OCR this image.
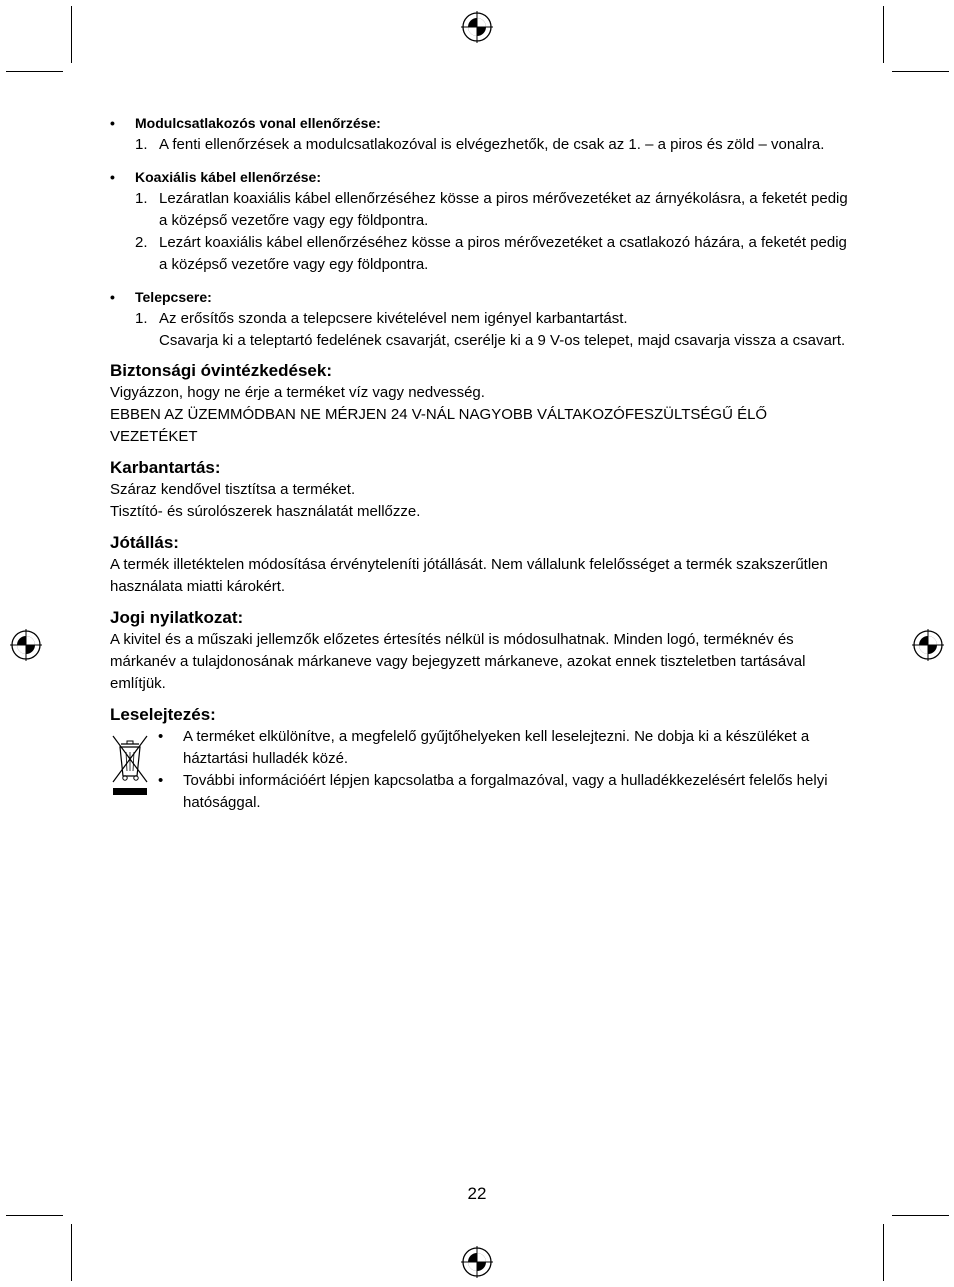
• Modulcsatlakozós vonal ellenőrzése:
1. A fenti ellenőrzések a modulcsatlakozóval is elvégezhetők, de csak az 1. – a piros és zöld – vonalra.
• Koaxiális kábel ellenőrzése:
1. Lezáratlan koaxiális kábel ellenőrzéséhez kösse a piros mérővezetéket az árnyékolásra, a feketét pedig a középső vezetőre vagy egy földpontra.
2. Lezárt koaxiális kábel ellenőrzéséhez kösse a piros mérővezetéket a csatlakozó házára, a feketét pedig a középső vezetőre vagy egy földpontra.
• Telepcsere:
1. Az erősítős szonda a telepcsere kivételével nem igényel karbantartást.
Csavarja ki a teleptartó fedelének csavarját, cserélje ki a 9 V-os telepet, majd csavarja vissza a csavart.
Biztonsági óvintézkedések:
Vigyázzon, hogy ne érje a terméket víz vagy nedvesség.
EBBEN AZ ÜZEMMÓDBAN NE MÉRJEN 24 V-NÁL NAGYOBB VÁLTAKOZÓFESZÜLTSÉGŰ ÉLŐ VEZETÉKET
Karbantartás:
Száraz kendővel tisztítsa a terméket.
Tisztító- és súrolószerek használatát mellőzze.
Jótállás:
A termék illetéktelen módosítása érvényteleníti jótállását. Nem vállalunk felelősséget a termék szakszerűtlen használata miatti károkért.
Jogi nyilatkozat:
A kivitel és a műszaki jellemzők előzetes értesítés nélkül is módosulhatnak. Minden logó, terméknév és márkanév a tulajdonosának márkaneve vagy bejegyzett márkaneve, azokat ennek tiszteletben tartásával említjük.
Leselejtezés:
• A terméket elkülönítve, a megfelelő gyűjtőhelyeken kell leselejtezni. Ne dobja ki a készüléket a háztartási hulladék közé.
• További információért lépjen kapcsolatba a forgalmazóval, vagy a hulladékkezelésért felelős helyi hatósággal.
22
